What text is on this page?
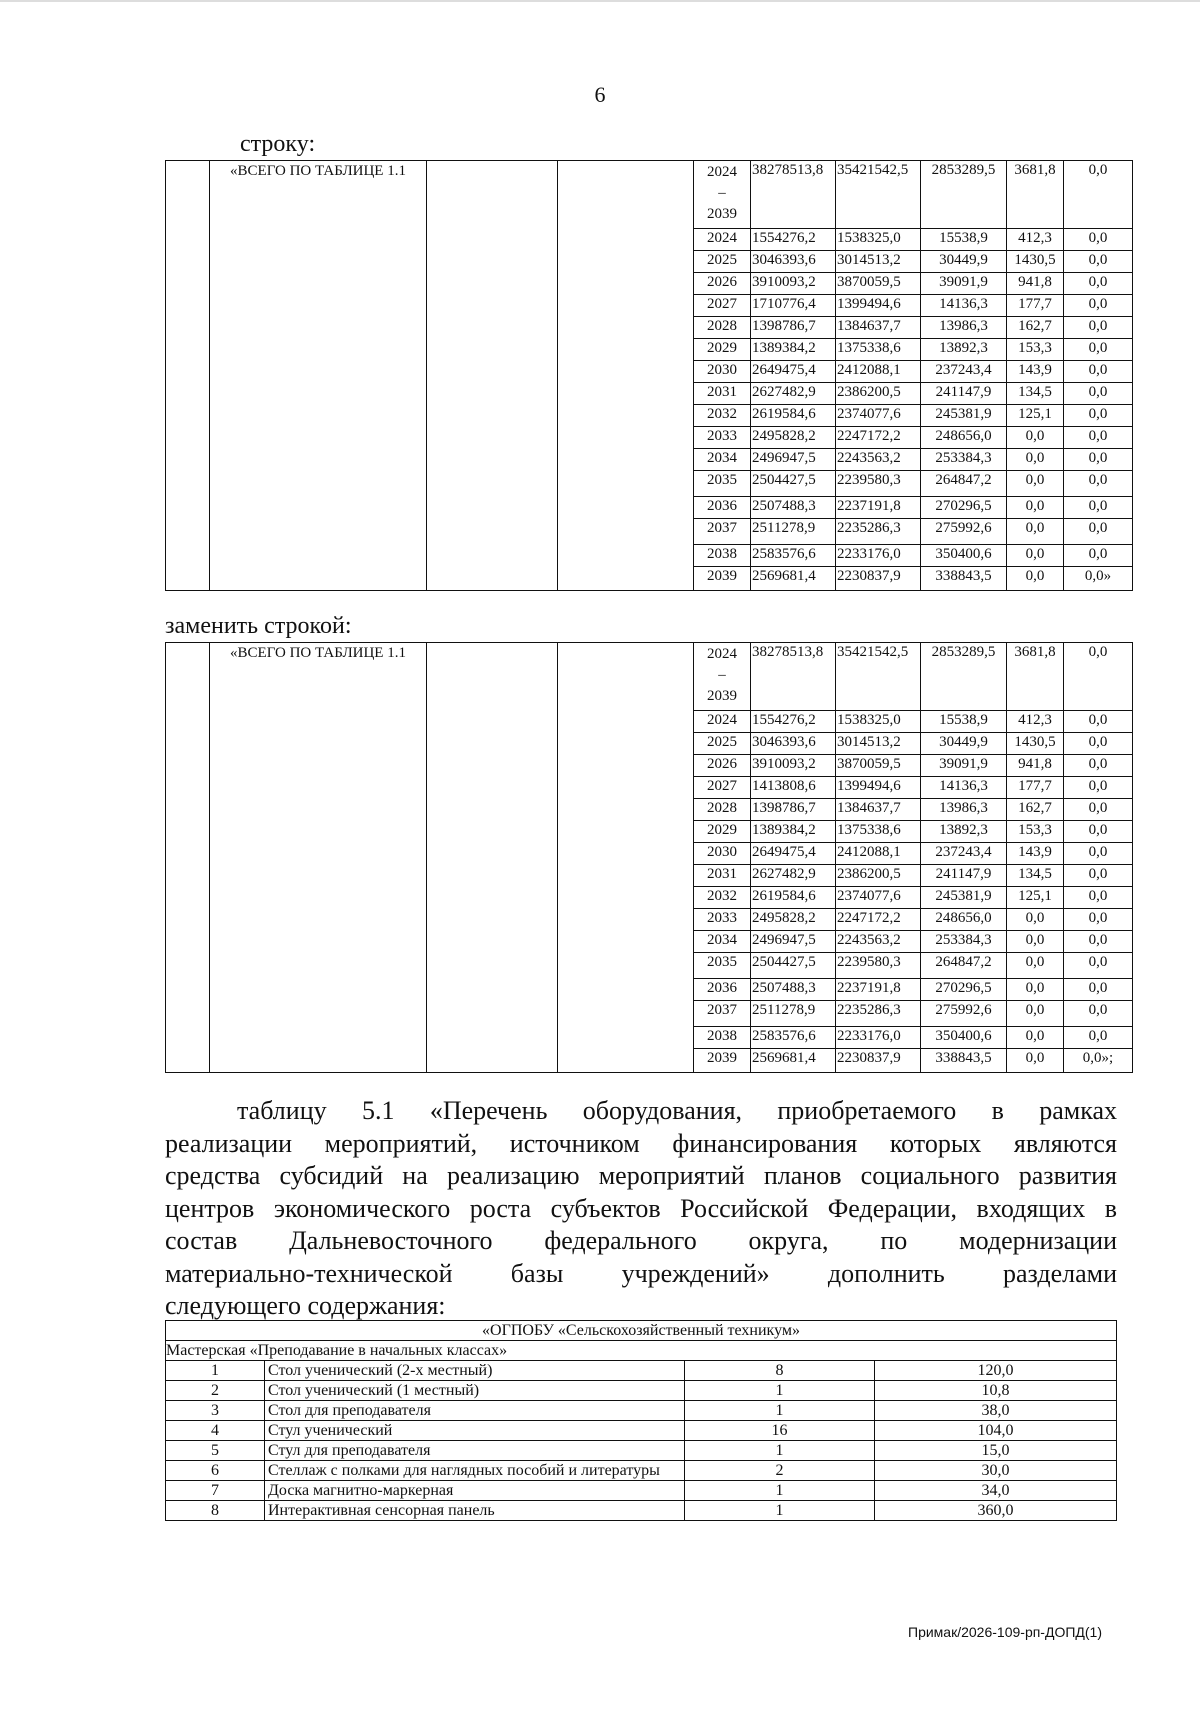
6
строку:
	«ВСЕГО ПО ТАБЛИЦЕ 1.1			2024
–
2039	38278513,8	35421542,5	2853289,5	3681,8	0,0
				2024	1554276,2	1538325,0	15538,9	412,3	0,0
				2025	3046393,6	3014513,2	30449,9	1430,5	0,0
				2026	3910093,2	3870059,5	39091,9	941,8	0,0
				2027	1710776,4	1399494,6	14136,3	177,7	0,0
				2028	1398786,7	1384637,7	13986,3	162,7	0,0
				2029	1389384,2	1375338,6	13892,3	153,3	0,0
				2030	2649475,4	2412088,1	237243,4	143,9	0,0
				2031	2627482,9	2386200,5	241147,9	134,5	0,0
				2032	2619584,6	2374077,6	245381,9	125,1	0,0
				2033	2495828,2	2247172,2	248656,0	0,0	0,0
				2034	2496947,5	2243563,2	253384,3	0,0	0,0
				2035	2504427,5	2239580,3	264847,2	0,0	0,0
				2036	2507488,3	2237191,8	270296,5	0,0	0,0
				2037	2511278,9	2235286,3	275992,6	0,0	0,0
				2038	2583576,6	2233176,0	350400,6	0,0	0,0
				2039	2569681,4	2230837,9	338843,5	0,0	0,0»
заменить строкой:
	«ВСЕГО ПО ТАБЛИЦЕ 1.1			2024
–
2039	38278513,8	35421542,5	2853289,5	3681,8	0,0
				2024	1554276,2	1538325,0	15538,9	412,3	0,0
				2025	3046393,6	3014513,2	30449,9	1430,5	0,0
				2026	3910093,2	3870059,5	39091,9	941,8	0,0
				2027	1413808,6	1399494,6	14136,3	177,7	0,0
				2028	1398786,7	1384637,7	13986,3	162,7	0,0
				2029	1389384,2	1375338,6	13892,3	153,3	0,0
				2030	2649475,4	2412088,1	237243,4	143,9	0,0
				2031	2627482,9	2386200,5	241147,9	134,5	0,0
				2032	2619584,6	2374077,6	245381,9	125,1	0,0
				2033	2495828,2	2247172,2	248656,0	0,0	0,0
				2034	2496947,5	2243563,2	253384,3	0,0	0,0
				2035	2504427,5	2239580,3	264847,2	0,0	0,0
				2036	2507488,3	2237191,8	270296,5	0,0	0,0
				2037	2511278,9	2235286,3	275992,6	0,0	0,0
				2038	2583576,6	2233176,0	350400,6	0,0	0,0
				2039	2569681,4	2230837,9	338843,5	0,0	0,0»;
таблицу 5.1 «Перечень оборудования, приобретаемого в рамках
реализации мероприятий, источником финансирования которых являются
средства субсидий на реализацию мероприятий планов социального развития
центров экономического роста субъектов Российской Федерации, входящих в
состав Дальневосточного федерального округа, по модернизации
материально-технической базы учреждений» дополнить разделами
следующего содержания:
«ОГПОБУ «Сельскохозяйственный техникум»			
Мастерская «Преподавание в начальных классах»			
1	Стол ученический (2-х местный)	8	120,0
2	Стол ученический (1 местный)	1	10,8
3	Стол для преподавателя	1	38,0
4	Стул ученический	16	104,0
5	Стул для преподавателя	1	15,0
6	Стеллаж с полками для наглядных пособий и литературы	2	30,0
7	Доска магнитно-маркерная	1	34,0
8	Интерактивная сенсорная панель	1	360,0
Примак/2026-109-рп-ДОПД(1)
